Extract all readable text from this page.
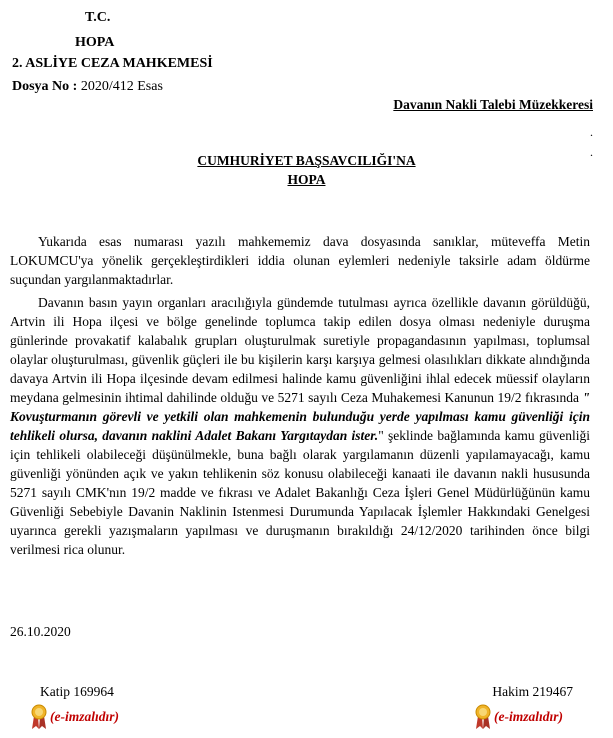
T.C.
HOPA
2. ASLİYE CEZA MAHKEMESİ
Dosya No : 2020/412 Esas
Davanın Nakli Talebi Müzekkeresi
.
.
CUMHURİYET BAŞSAVCILIĞI'NA
HOPA

Yukarıda esas numarası yazılı mahkememiz dava dosyasında sanıklar, müteveffa Metin LOKUMCU'ya yönelik gerçekleştirdikleri iddia olunan eylemleri nedeniyle taksirle adam öldürme suçundan yargılanmaktadırlar.

Davanın basın yayın organları aracılığıyla gündemde tutulması ayrıca özellikle davanın görüldüğü, Artvin ili Hopa ilçesi ve bölge genelinde toplumca takip edilen dosya olması nedeniyle duruşma günlerinde provakatif kalabalık grupları oluşturulmak suretiyle propagandasının yapılması, toplumsal olaylar oluşturulması, güvenlik güçleri ile bu kişilerin karşı karşıya gelmesi olasılıkları dikkate alındığında davaya Artvin ili Hopa ilçesinde devam edilmesi halinde kamu güvenliğini ihlal edecek müessif olayların meydana gelmesinin ihtimal dahilinde olduğu ve 5271 sayılı Ceza Muhakemesi Kanunun 19/2 fıkrasında " Kovuşturmanın görevli ve yetkili olan mahkemenin bulunduğu yerde yapılması kamu güvenliği için tehlikeli olursa, davanın naklini Adalet Bakanı Yargıtaydan ister." şeklinde bağlamında kamu güvenliği için tehlikeli olabileceği düşünülmekle, buna bağlı olarak yargılamanın düzenli yapılamayacağı, kamu güvenliği yönünden açık ve yakın tehlikenin söz konusu olabileceği kanaati ile davanın nakli hususunda 5271 sayılı CMK'nın 19/2 madde ve fıkrası ve Adalet Bakanlığı Ceza İşleri Genel Müdürlüğünün kamu Güvenliği Sebebiyle Davanin Naklinin Istenmesi Durumunda Yapılacak İşlemler Hakkındaki Genelgesi uyarınca gerekli yazışmaların yapılması ve duruşmanın bırakıldığı 24/12/2020 tarihinden önce bilgi verilmesi rica olunur.

26.10.2020
Katip 169964	Hakim 219467
(e-imzalıdır)	(e-imzalıdır)
